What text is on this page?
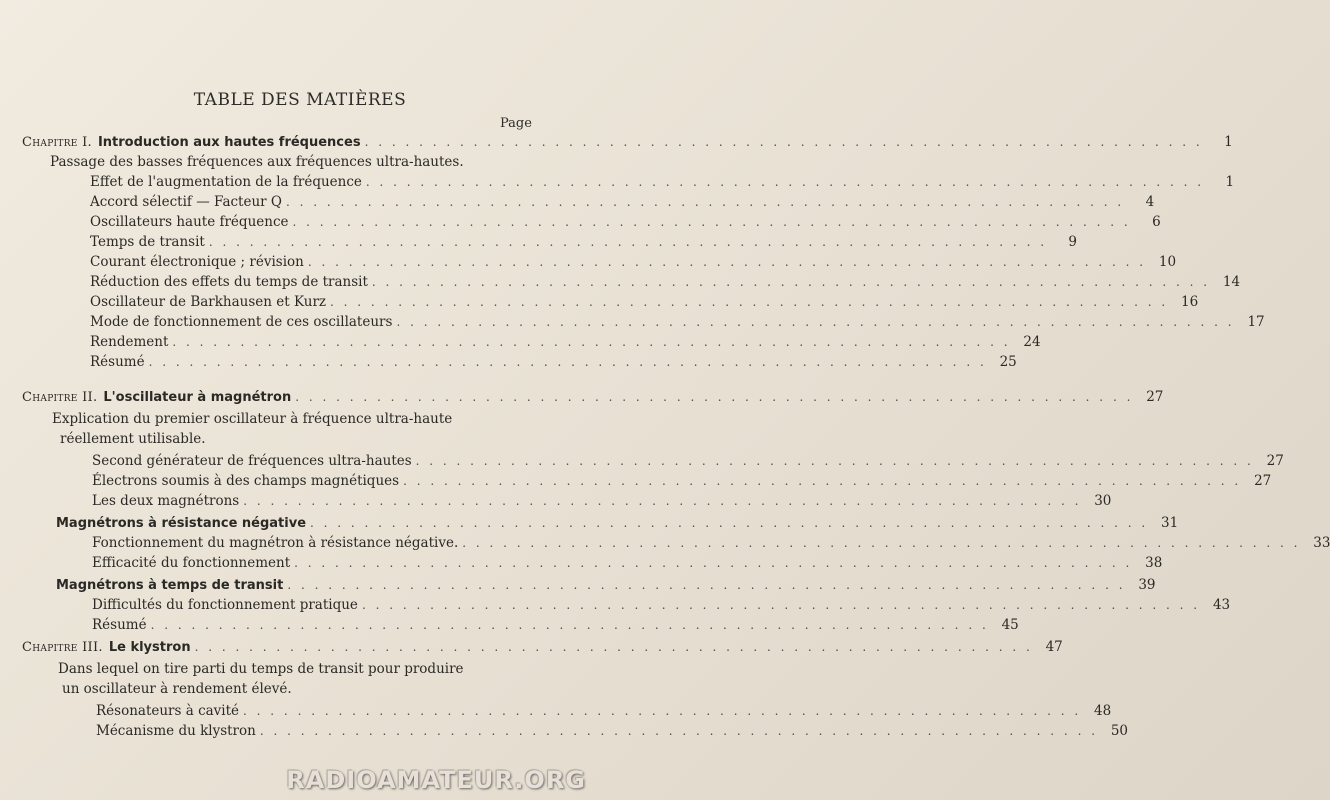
TABLE DES MATIÈRES
Page
Chapitre I. Introduction aux hautes fréquences . . . . . . . . . . . . . . . . . . . . . . . . . . . . . . . . . . . . . . . . . . . . . . . . . . . . . . . . . . . . . .	1
Passage des basses fréquences aux fréquences ultra-hautes.
Effet de l'augmentation de la fréquence . . . . . . . . . . . . . . . . . . . . . . . . . . . . . . . . . . . . . . . . . . . . . . . . . . . . . . . . . . . . . .	1
Accord sélectif — Facteur Q . . . . . . . . . . . . . . . . . . . . . . . . . . . . . . . . . . . . . . . . . . . . . . . . . . . . . . . . . . . . . .	4
Oscillateurs haute fréquence . . . . . . . . . . . . . . . . . . . . . . . . . . . . . . . . . . . . . . . . . . . . . . . . . . . . . . . . . . . . . .	6
Temps de transit . . . . . . . . . . . . . . . . . . . . . . . . . . . . . . . . . . . . . . . . . . . . . . . . . . . . . . . . . . . . . .	9
Courant électronique ; révision . . . . . . . . . . . . . . . . . . . . . . . . . . . . . . . . . . . . . . . . . . . . . . . . . . . . . . . . . . . . . . 10
Réduction des effets du temps de transit . . . . . . . . . . . . . . . . . . . . . . . . . . . . . . . . . . . . . . . . . . . . . . . . . . . . . . . . . . . . . . 14
Oscillateur de Barkhausen et Kurz . . . . . . . . . . . . . . . . . . . . . . . . . . . . . . . . . . . . . . . . . . . . . . . . . . . . . . . . . . . . . . 16
Mode de fonctionnement de ces oscillateurs . . . . . . . . . . . . . . . . . . . . . . . . . . . . . . . . . . . . . . . . . . . . . . . . . . . . . . . . . . . . . . 17
Rendement . . . . . . . . . . . . . . . . . . . . . . . . . . . . . . . . . . . . . . . . . . . . . . . . . . . . . . . . . . . . . . 24
Résumé . . . . . . . . . . . . . . . . . . . . . . . . . . . . . . . . . . . . . . . . . . . . . . . . . . . . . . . . . . . . . . 25
Chapitre II. L'oscillateur à magnétron . . . . . . . . . . . . . . . . . . . . . . . . . . . . . . . . . . . . . . . . . . . . . . . . . . . . . . . . . . . . . . 27
Explication du premier oscillateur à fréquence ultra-haute
réellement utilisable.
Second générateur de fréquences ultra-hautes . . . . . . . . . . . . . . . . . . . . . . . . . . . . . . . . . . . . . . . . . . . . . . . . . . . . . . . . . . . . . . 27
Électrons soumis à des champs magnétiques . . . . . . . . . . . . . . . . . . . . . . . . . . . . . . . . . . . . . . . . . . . . . . . . . . . . . . . . . . . . . . 27
Les deux magnétrons . . . . . . . . . . . . . . . . . . . . . . . . . . . . . . . . . . . . . . . . . . . . . . . . . . . . . . . . . . . . . . 30
Magnétrons à résistance négative . . . . . . . . . . . . . . . . . . . . . . . . . . . . . . . . . . . . . . . . . . . . . . . . . . . . . . . . . . . . . . 31
Fonctionnement du magnétron à résistance négative. . . . . . . . . . . . . . . . . . . . . . . . . . . . . . . . . . . . . . . . . . . . . . . . . . . . . . . . . . . . . . . 33
Efficacité du fonctionnement . . . . . . . . . . . . . . . . . . . . . . . . . . . . . . . . . . . . . . . . . . . . . . . . . . . . . . . . . . . . . . 38
Magnétrons à temps de transit . . . . . . . . . . . . . . . . . . . . . . . . . . . . . . . . . . . . . . . . . . . . . . . . . . . . . . . . . . . . . . 39
Difficultés du fonctionnement pratique . . . . . . . . . . . . . . . . . . . . . . . . . . . . . . . . . . . . . . . . . . . . . . . . . . . . . . . . . . . . . . 43
Résumé . . . . . . . . . . . . . . . . . . . . . . . . . . . . . . . . . . . . . . . . . . . . . . . . . . . . . . . . . . . . . . 45
Chapitre III. Le klystron . . . . . . . . . . . . . . . . . . . . . . . . . . . . . . . . . . . . . . . . . . . . . . . . . . . . . . . . . . . . . . 47
Dans lequel on tire parti du temps de transit pour produire
un oscillateur à rendement élevé.
Résonateurs à cavité . . . . . . . . . . . . . . . . . . . . . . . . . . . . . . . . . . . . . . . . . . . . . . . . . . . . . . . . . . . . . . 48
Mécanisme du klystron . . . . . . . . . . . . . . . . . . . . . . . . . . . . . . . . . . . . . . . . . . . . . . . . . . . . . . . . . . . . . . 50
RADIOAMATEUR.ORG
